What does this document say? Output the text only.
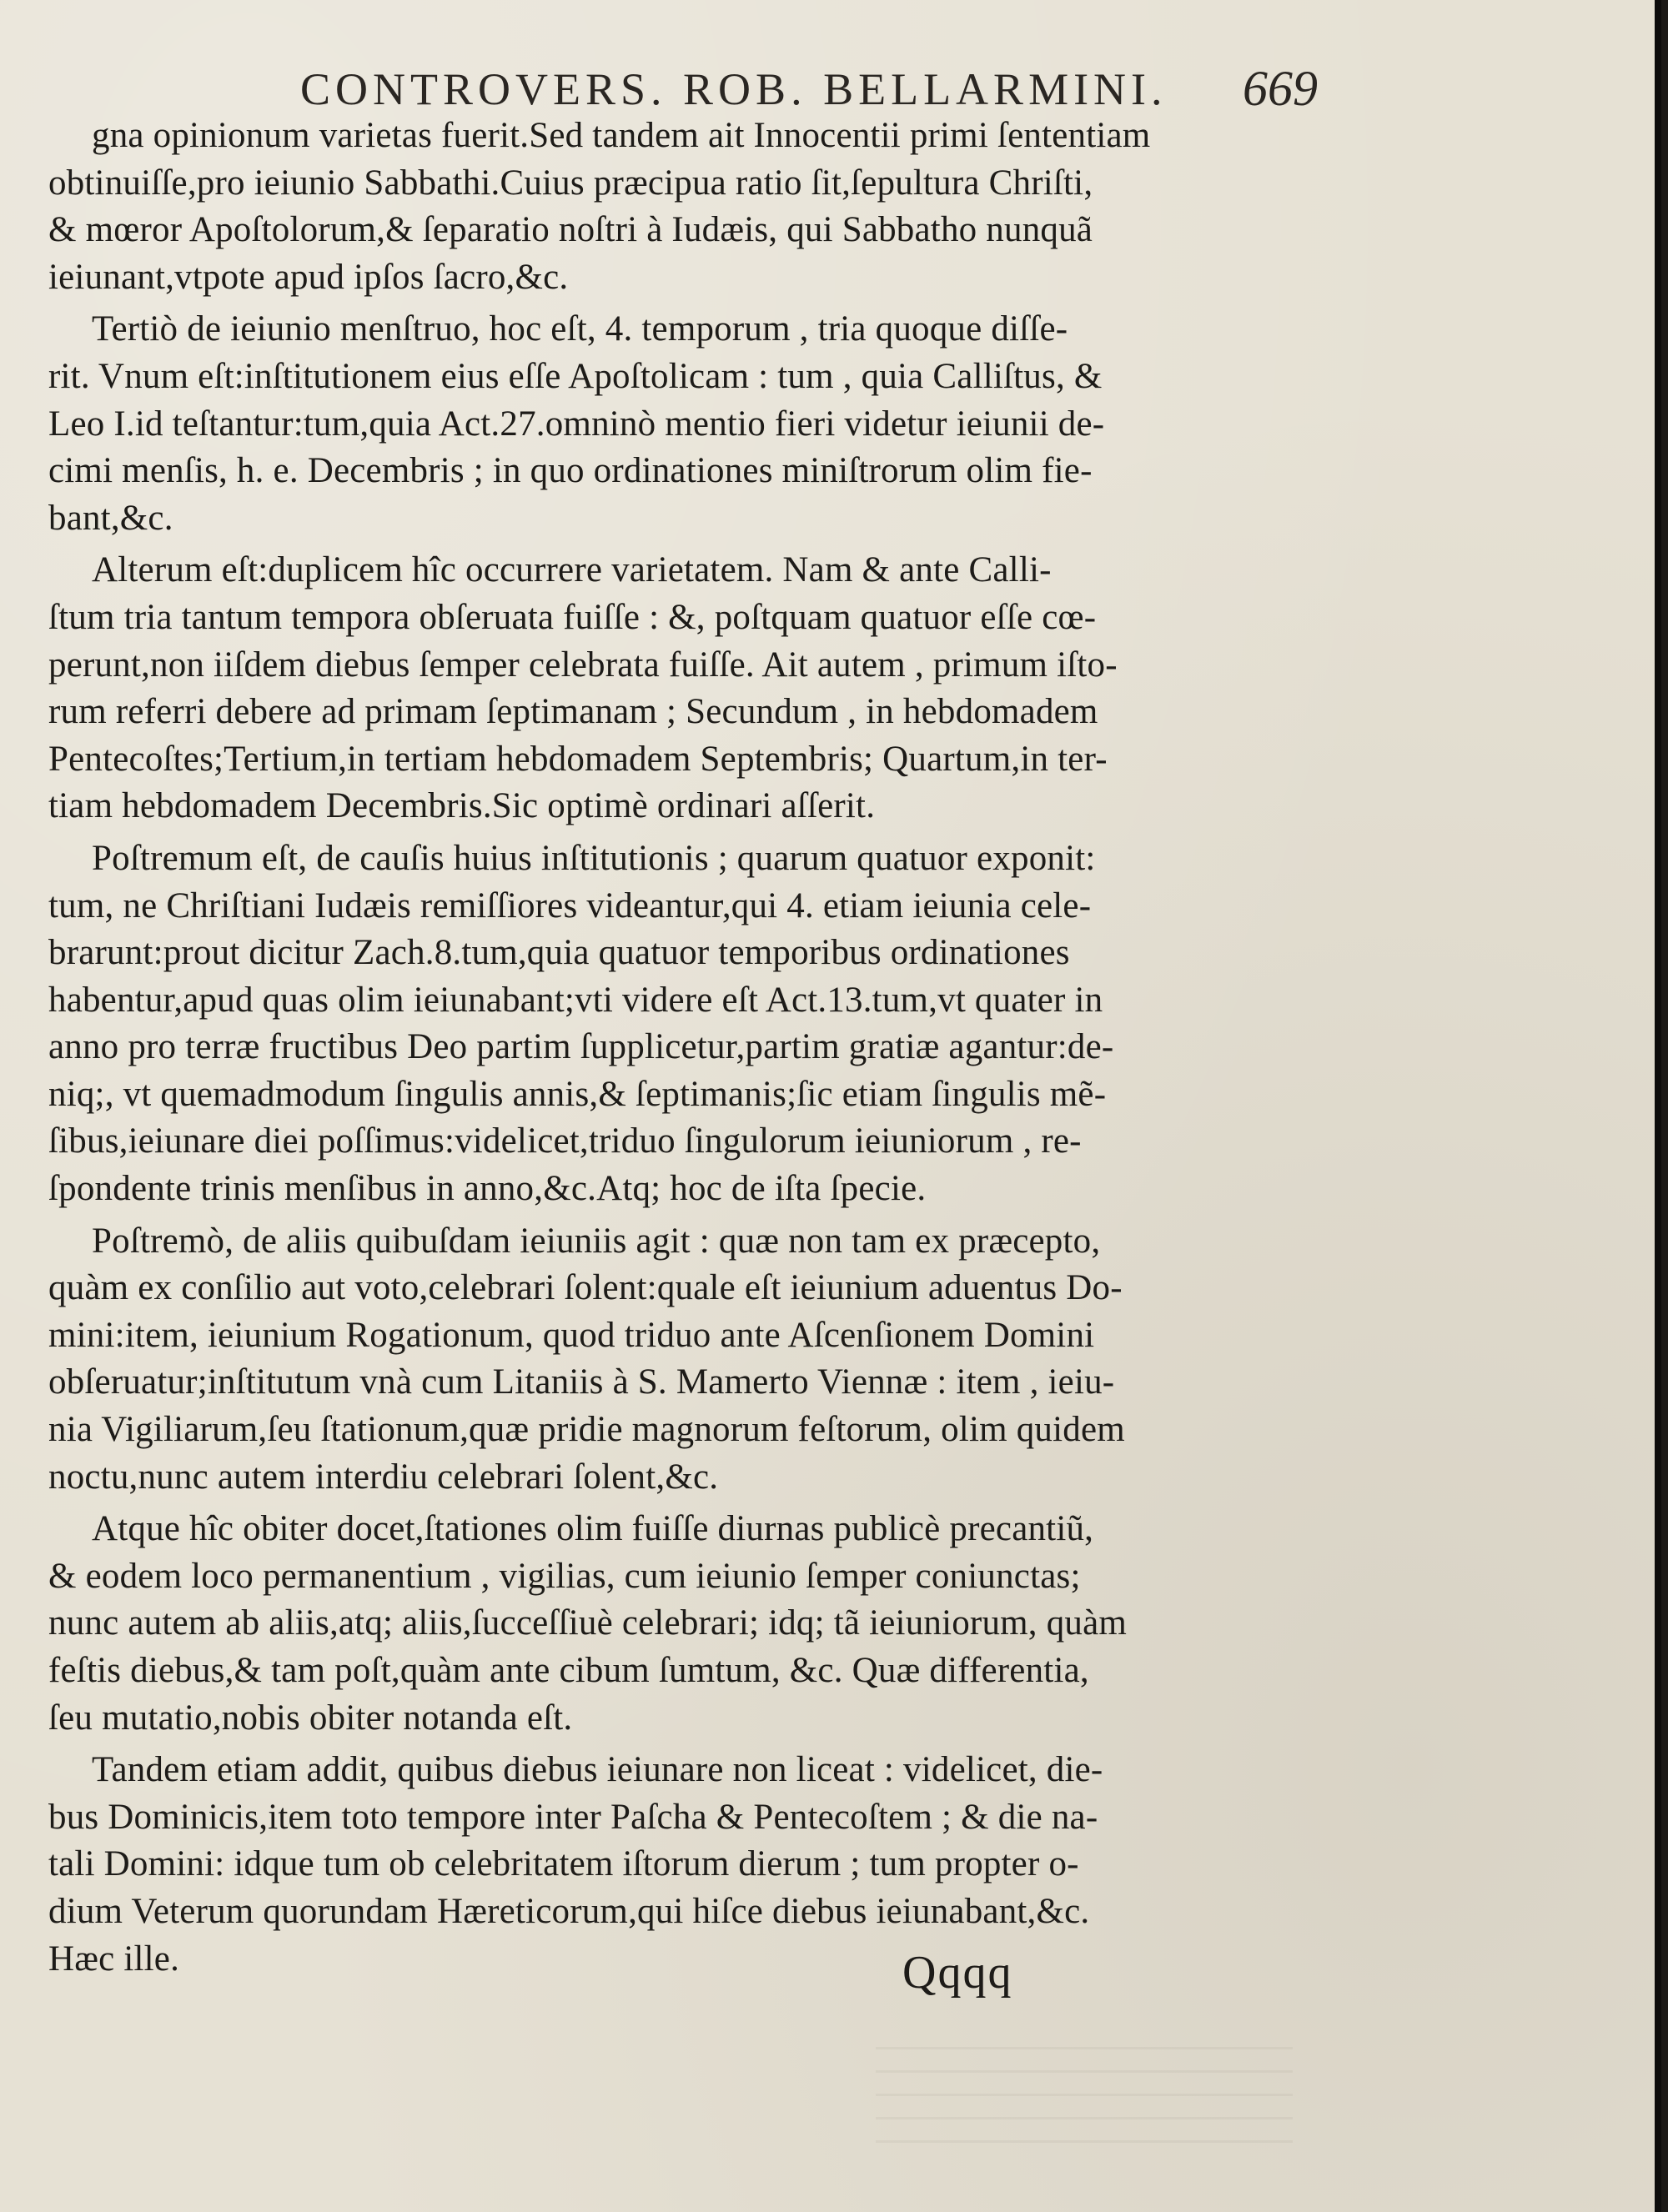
CONTROVERS. ROB. BELLARMINI. 669
gna opinionum varietas fuerit.Sed tandem ait Innocentii primi ſententiam
obtinuiſſe,pro ieiunio Sabbathi.Cuius præcipua ratio ſit,ſepultura Chriſti,
& mœror Apoſtolorum,& ſeparatio noſtri à Iudæis, qui Sabbatho nunquã
ieiunant,vtpote apud ipſos ſacro,&c.
Tertiò de ieiunio menſtruo, hoc eſt, 4. temporum , tria quoque diſſe-
rit. Vnum eſt:inſtitutionem eius eſſe Apoſtolicam : tum , quia Calliſtus, &
Leo I.id teſtantur:tum,quia Act.27.omninò mentio fieri videtur ieiunii de-
cimi menſis, h. e. Decembris ; in quo ordinationes miniſtrorum olim fie-
bant,&c.
Alterum eſt:duplicem hîc occurrere varietatem. Nam & ante Calli-
ſtum tria tantum tempora obſeruata fuiſſe : &, poſtquam quatuor eſſe cœ-
perunt,non iiſdem diebus ſemper celebrata fuiſſe. Ait autem , primum iſto-
rum referri debere ad primam ſeptimanam ; Secundum , in hebdomadem
Pentecoſtes;Tertium,in tertiam hebdomadem Septembris; Quartum,in ter-
tiam hebdomadem Decembris.Sic optimè ordinari aſſerit.
Poſtremum eſt, de cauſis huius inſtitutionis ; quarum quatuor exponit:
tum, ne Chriſtiani Iudæis remiſſiores videantur,qui 4. etiam ieiunia cele-
brarunt:prout dicitur Zach.8.tum,quia quatuor temporibus ordinationes
habentur,apud quas olim ieiunabant;vti videre eſt Act.13.tum,vt quater in
anno pro terræ fructibus Deo partim ſupplicetur,partim gratiæ agantur:de-
niq;, vt quemadmodum ſingulis annis,& ſeptimanis;ſic etiam ſingulis mẽ-
ſibus,ieiunare diei poſſimus:videlicet,triduo ſingulorum ieiuniorum , re-
ſpondente trinis menſibus in anno,&c.Atq; hoc de iſta ſpecie.
Poſtremò, de aliis quibuſdam ieiuniis agit : quæ non tam ex præcepto,
quàm ex conſilio aut voto,celebrari ſolent:quale eſt ieiunium aduentus Do-
mini:item, ieiunium Rogationum, quod triduo ante Aſcenſionem Domini
obſeruatur;inſtitutum vnà cum Litaniis à S. Mamerto Viennæ : item , ieiu-
nia Vigiliarum,ſeu ſtationum,quæ pridie magnorum feſtorum, olim quidem
noctu,nunc autem interdiu celebrari ſolent,&c.
Atque hîc obiter docet,ſtationes olim fuiſſe diurnas publicè precantiũ,
& eodem loco permanentium , vigilias, cum ieiunio ſemper coniunctas;
nunc autem ab aliis,atq; aliis,ſucceſſiuè celebrari; idq; tã ieiuniorum, quàm
feſtis diebus,& tam poſt,quàm ante cibum ſumtum, &c. Quæ differentia,
ſeu mutatio,nobis obiter notanda eſt.
Tandem etiam addit, quibus diebus ieiunare non liceat : videlicet, die-
bus Dominicis,item toto tempore inter Paſcha & Pentecoſtem ; & die na-
tali Domini: idque tum ob celebritatem iſtorum dierum ; tum propter o-
dium Veterum quorundam Hæreticorum,qui hiſce diebus ieiunabant,&c.
Hæc ille.	Qqqq
